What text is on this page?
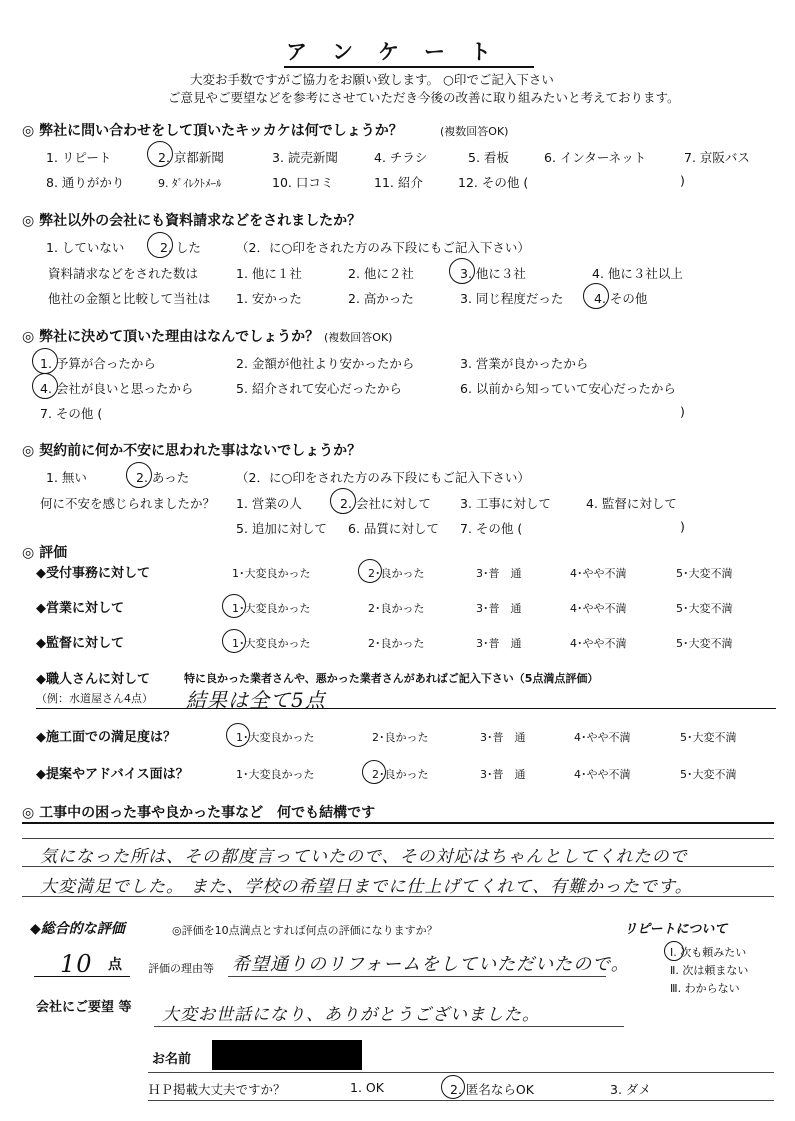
ア　ン　ケ　ー　ト
大変お手数ですがご協力をお願い致します。 ○印でご記入下さい
ご意見やご要望などを参考にさせていただき今後の改善に取り組みたいと考えております。
◎ 弊社に問い合わせをして頂いたキッカケは何でしょうか？	(複数回答OK)
1. リピート	2. 京都新聞	3. 読売新聞	4. チラシ	5. 看板	6. インターネット	7. 京阪バス
8. 通りがかり	9. ﾀﾞｲﾚｸﾄﾒｰﾙ	10. 口コミ	11. 紹介	12. その他 (	)
◎ 弊社以外の会社にも資料請求などをされましたか？
1. していない	2. した	（2．に○印をされた方のみ下段にもご記入下さい）
資料請求などをされた数は	1. 他に１社	2. 他に２社	3. 他に３社	4. 他に３社以上
他社の金額と比較して当社は 1. 安かった	2. 高かった	3. 同じ程度だった 4. その他
◎ 弊社に決めて頂いた理由はなんでしょうか？ (複数回答OK)
1. 予算が合ったから	2. 金額が他社より安かったから	3. 営業が良かったから
4. 会社が良いと思ったから	5. 紹介されて安心だったから	6. 以前から知っていて安心だったから
7. その他 (	)
◎ 契約前に何か不安に思われた事はないでしょうか？
1. 無い	2. あった	（2．に○印をされた方のみ下段にもご記入下さい）
何に不安を感じられましたか？ 1. 営業の人	2. 会社に対して 3. 工事に対して	4. 監督に対して
5. 追加に対して 6. 品質に対して 7. その他 (	)
◎ 評価
◆受付事務に対して	1･大変良かった	2･良かった	3･普　通	4･やや不満	5･大変不満
◆営業に対して	1･大変良かった	2･良かった	3･普　通	4･やや不満	5･大変不満
◆監督に対して	1･大変良かった	2･良かった	3･普　通	4･やや不満	5･大変不満
◆職人さんに対して	特に良かった業者さんや、悪かった業者さんがあればご記入下さい（5点満点評価）
（例：水道屋さん4点） 結果は全て5点
◆施工面での満足度は？	1･大変良かった	2･良かった	3･普　通	4･やや不満	5･大変不満
◆提案やアドバイス面は？	1･大変良かった	2･良かった	3･普　通	4･やや不満	5･大変不満
◎ 工事中の困った事や良かった事など　何でも結構です
気になった所は、その都度言っていたので、その対応はちゃんとしてくれたので
大変満足でした。 また、学校の希望日までに仕上げてくれて、有難かったです。
◆総合的な評価	◎評価を10点満点とすれば何点の評価になりますか？	リピートについて
10 点 評価の理由等 希望通りのリフォームをしていただいたので。
Ⅰ. 次も頼みたい
Ⅱ. 次は頼まない
Ⅲ. わからない
会社にご要望 等 大変お世話になり、ありがとうございました。
お名前
ＨＰ掲載大丈夫ですか？	1. OK	2. 匿名ならOK	3. ダメ
